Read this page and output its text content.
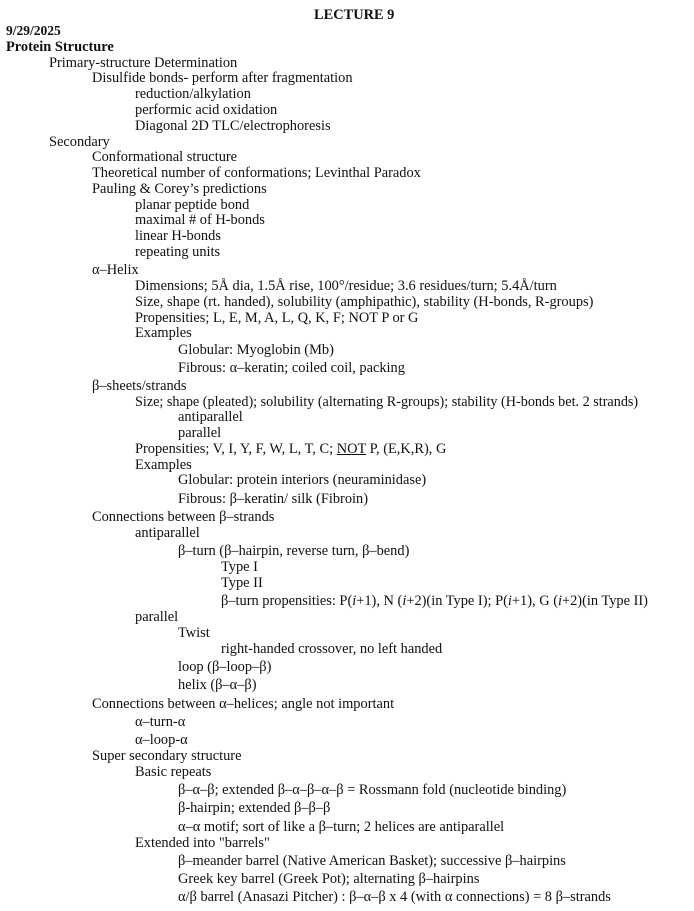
LECTURE 9
9/29/2025
Protein Structure
Primary-structure Determination
Disulfide bonds- perform after fragmentation
reduction/alkylation
performic acid oxidation
Diagonal 2D TLC/electrophoresis
Secondary
Conformational structure
Theoretical number of conformations; Levinthal Paradox
Pauling & Corey’s predictions
planar peptide bond
maximal # of H-bonds
linear H-bonds
repeating units
α–Helix
Dimensions; 5Å dia, 1.5Å rise, 100°/residue; 3.6 residues/turn; 5.4Å/turn
Size, shape (rt. handed), solubility (amphipathic), stability (H-bonds, R-groups)
Propensities; L, E, M, A, L, Q, K, F; NOT P or G
Examples
Globular: Myoglobin (Mb)
Fibrous: α–keratin; coiled coil, packing
β–sheets/strands
Size; shape (pleated); solubility (alternating R-groups); stability (H-bonds bet. 2 strands)
antiparallel
parallel
Propensities; V, I, Y, F, W, L, T, C; NOT P, (E,K,R), G
Examples
Globular: protein interiors (neuraminidase)
Fibrous: β–keratin/ silk (Fibroin)
Connections between β–strands
antiparallel
β–turn (β–hairpin, reverse turn, β–bend)
Type I
Type II
β–turn propensities: P(i+1), N (i+2)(in Type I); P(i+1), G (i+2)(in Type II)
parallel
Twist
right-handed crossover, no left handed
loop (β–loop–β)
helix (β–α–β)
Connections between α–helices; angle not important
α–turn-α
α–loop-α
Super secondary structure
Basic repeats
β–α–β; extended β–α–β–α–β = Rossmann fold (nucleotide binding)
β-hairpin; extended β–β–β
α–α motif; sort of like a β–turn; 2 helices are antiparallel
Extended into "barrels"
β–meander barrel (Native American Basket); successive β–hairpins
Greek key barrel (Greek Pot); alternating β–hairpins
α/β barrel (Anasazi Pitcher) : β–α–β x 4 (with α connections) = 8 β–strands
